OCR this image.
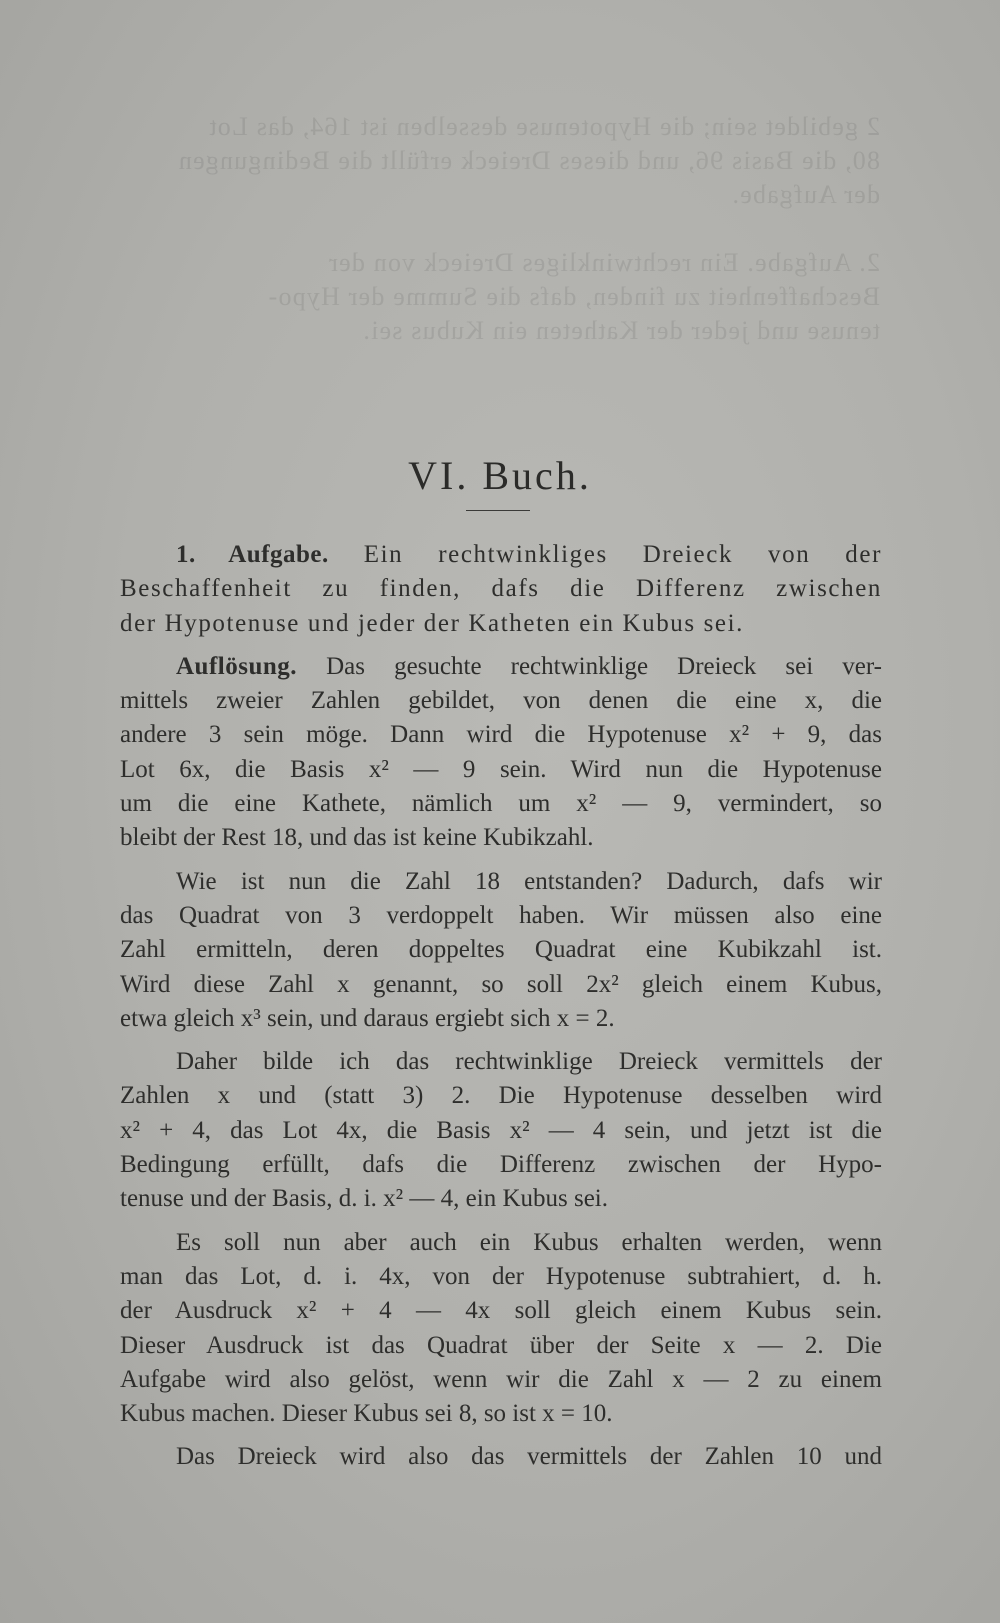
2 gebildet sein; die Hypotenuse desselben ist 164, das Lot
80, die Basis 96, und dieses Dreieck erfüllt die Bedingungen
der Aufgabe.

2. Aufgabe. Ein rechtwinkliges Dreieck von der
Beschaffenheit zu finden, dafs die Summe der Hypo-
tenuse und jeder der Katheten ein Kubus sei.
VI. Buch.
1. Aufgabe. Ein rechtwinkliges Dreieck von der
Beschaffenheit zu finden, dafs die Differenz zwischen
der Hypotenuse und jeder der Katheten ein Kubus sei.
Auflösung. Das gesuchte rechtwinklige Dreieck sei ver-
mittels zweier Zahlen gebildet, von denen die eine x, die
andere 3 sein möge. Dann wird die Hypotenuse x² + 9, das
Lot 6x, die Basis x² — 9 sein. Wird nun die Hypotenuse
um die eine Kathete, nämlich um x² — 9, vermindert, so
bleibt der Rest 18, und das ist keine Kubikzahl.
Wie ist nun die Zahl 18 entstanden? Dadurch, dafs wir
das Quadrat von 3 verdoppelt haben. Wir müssen also eine
Zahl ermitteln, deren doppeltes Quadrat eine Kubikzahl ist.
Wird diese Zahl x genannt, so soll 2x² gleich einem Kubus,
etwa gleich x³ sein, und daraus ergiebt sich x = 2.
Daher bilde ich das rechtwinklige Dreieck vermittels der
Zahlen x und (statt 3) 2. Die Hypotenuse desselben wird
x² + 4, das Lot 4x, die Basis x² — 4 sein, und jetzt ist die
Bedingung erfüllt, dafs die Differenz zwischen der Hypo-
tenuse und der Basis, d. i. x² — 4, ein Kubus sei.
Es soll nun aber auch ein Kubus erhalten werden, wenn
man das Lot, d. i. 4x, von der Hypotenuse subtrahiert, d. h.
der Ausdruck x² + 4 — 4x soll gleich einem Kubus sein.
Dieser Ausdruck ist das Quadrat über der Seite x — 2. Die
Aufgabe wird also gelöst, wenn wir die Zahl x — 2 zu einem
Kubus machen. Dieser Kubus sei 8, so ist x = 10.
Das Dreieck wird also das vermittels der Zahlen 10 und
